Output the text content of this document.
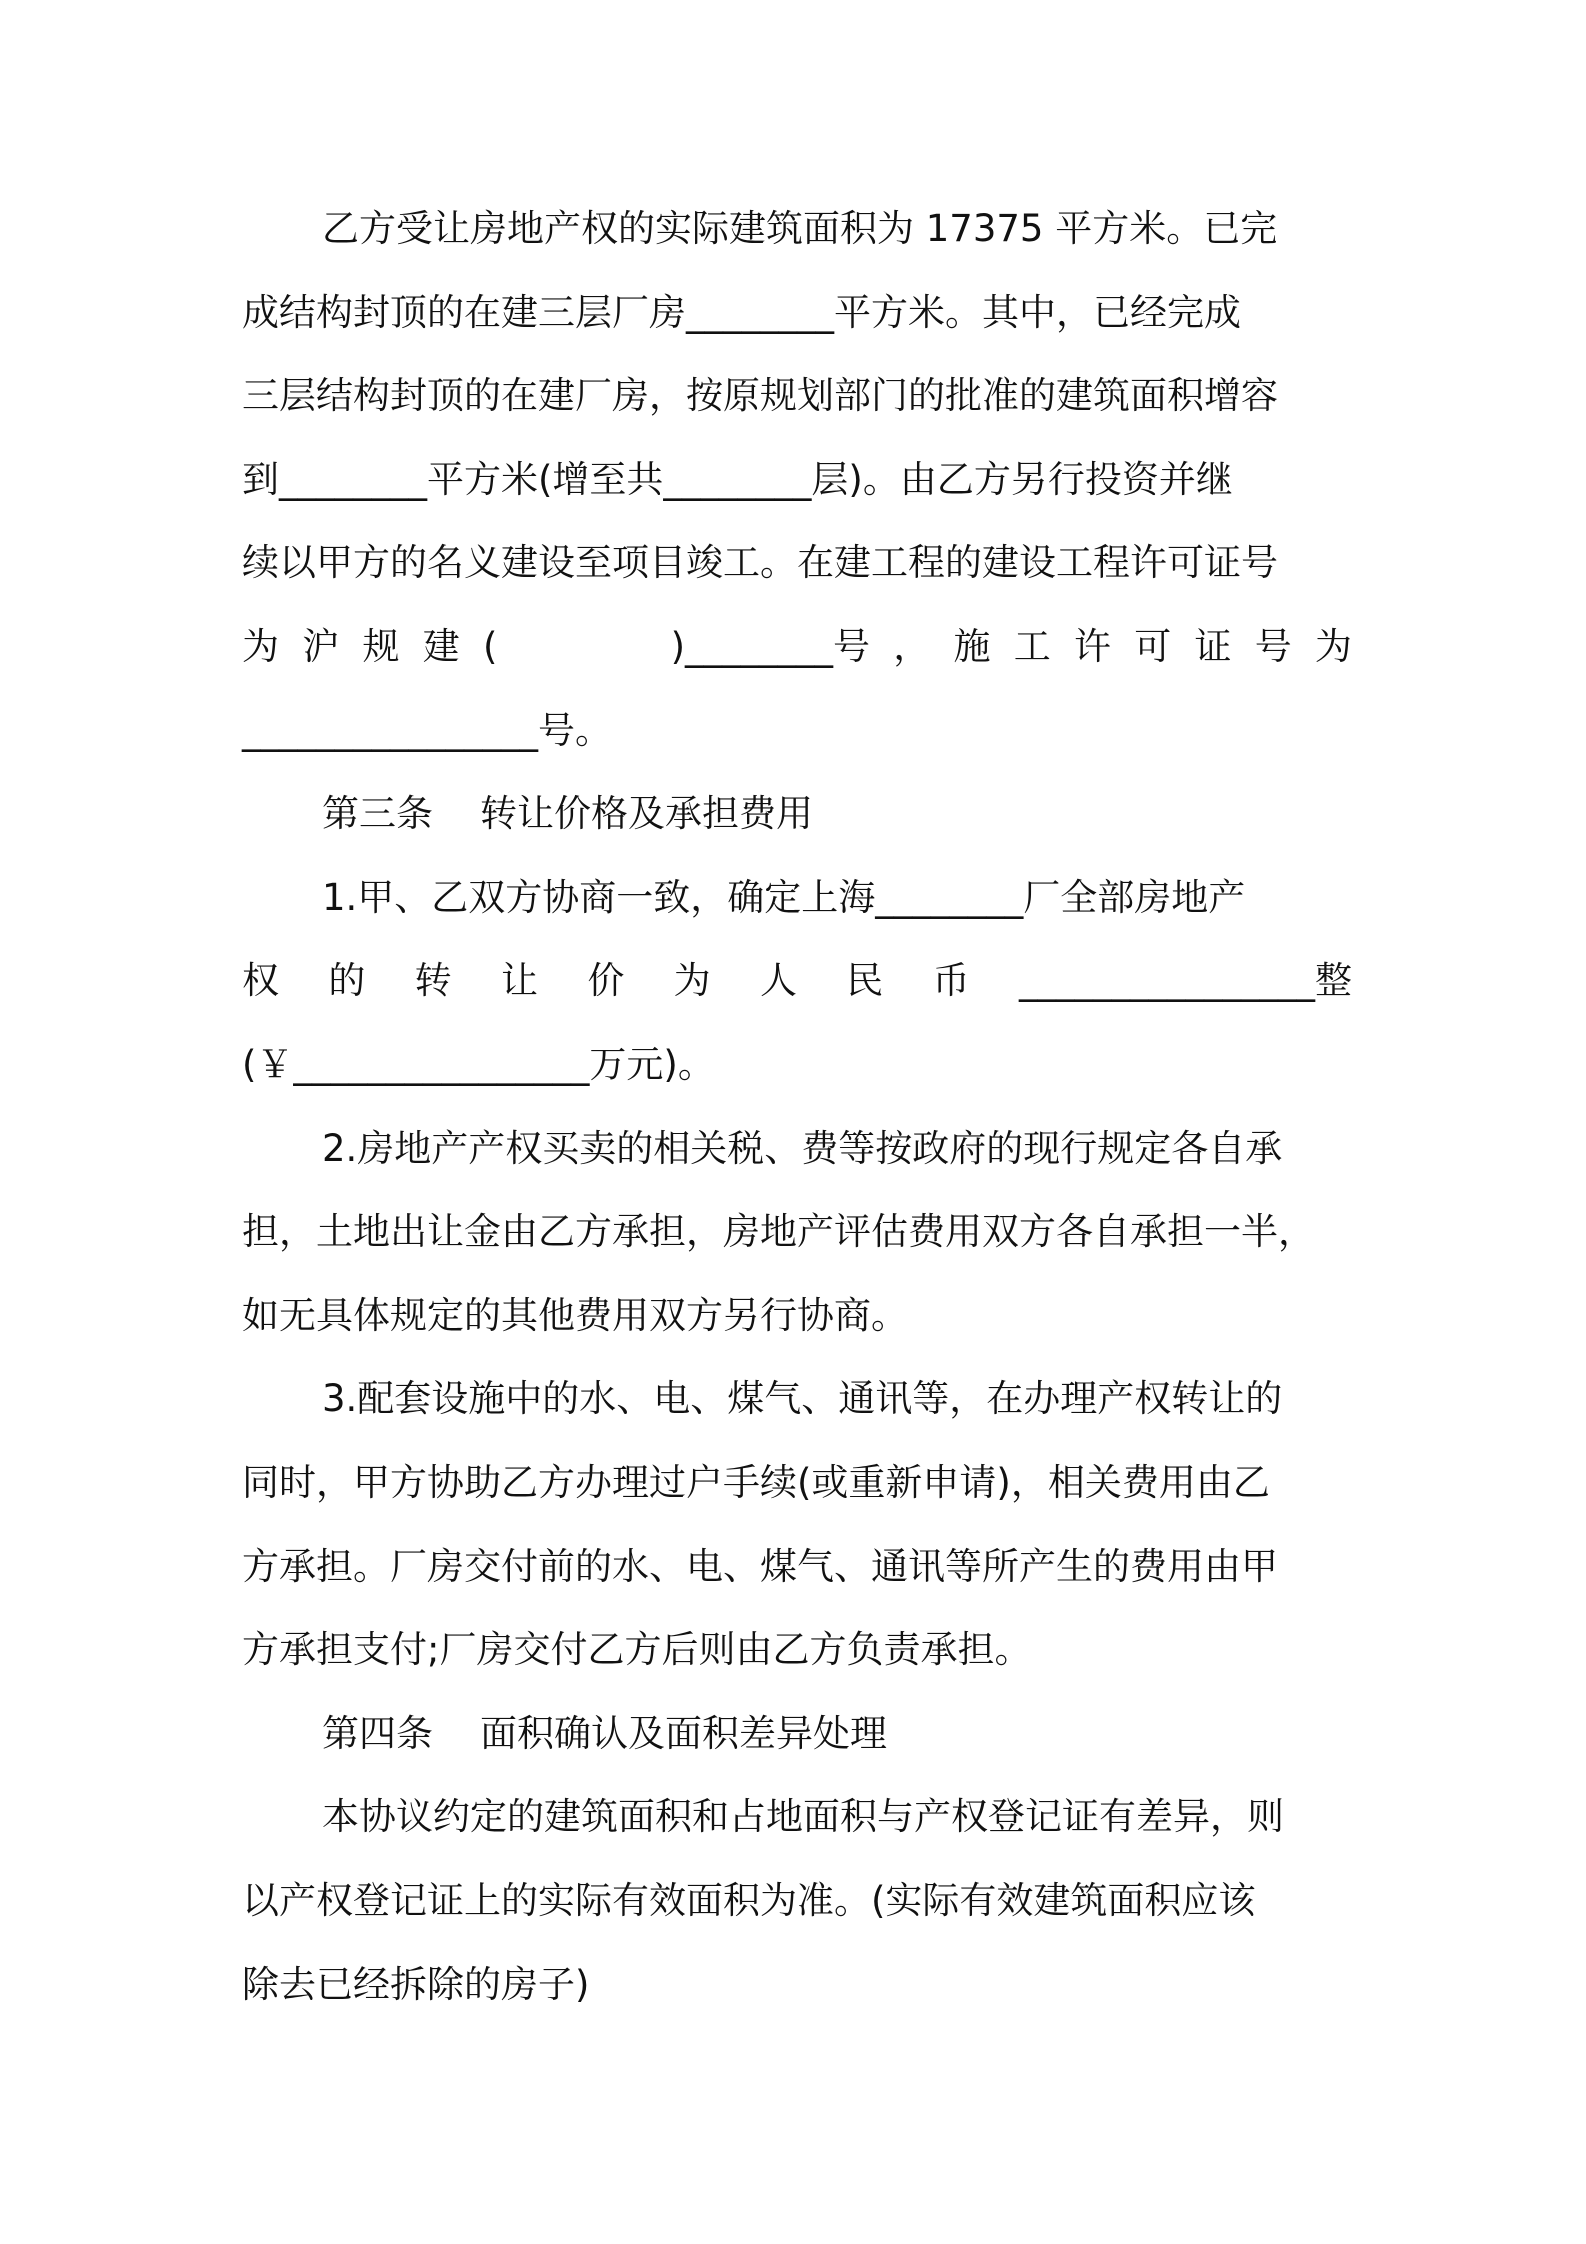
乙方受让房地产权的实际建筑面积为 17375 平方米。已完
成结构封顶的在建三层厂房________平方米。其中，已经完成
三层结构封顶的在建厂房，按原规划部门的批准的建筑面积增容
到________平方米(增至共________层)。由乙方另行投资并继
续以甲方的名义建设至项目竣工。在建工程的建设工程许可证号
为 沪 规 建 (	)________号 ， 施 工 许 可 证 号 为
________________号。
第三条    转让价格及承担费用
1.甲、乙双方协商一致，确定上海________厂全部房地产
权 的 转 让 价 为 人 民 币 ________________整
(￥________________万元)。
2.房地产产权买卖的相关税、费等按政府的现行规定各自承
担，土地出让金由乙方承担，房地产评估费用双方各自承担一半，
如无具体规定的其他费用双方另行协商。
3.配套设施中的水、电、煤气、通讯等，在办理产权转让的
同时，甲方协助乙方办理过户手续(或重新申请)，相关费用由乙
方承担。厂房交付前的水、电、煤气、通讯等所产生的费用由甲
方承担支付;厂房交付乙方后则由乙方负责承担。
第四条    面积确认及面积差异处理
本协议约定的建筑面积和占地面积与产权登记证有差异，则
以产权登记证上的实际有效面积为准。(实际有效建筑面积应该
除去已经拆除的房子)
